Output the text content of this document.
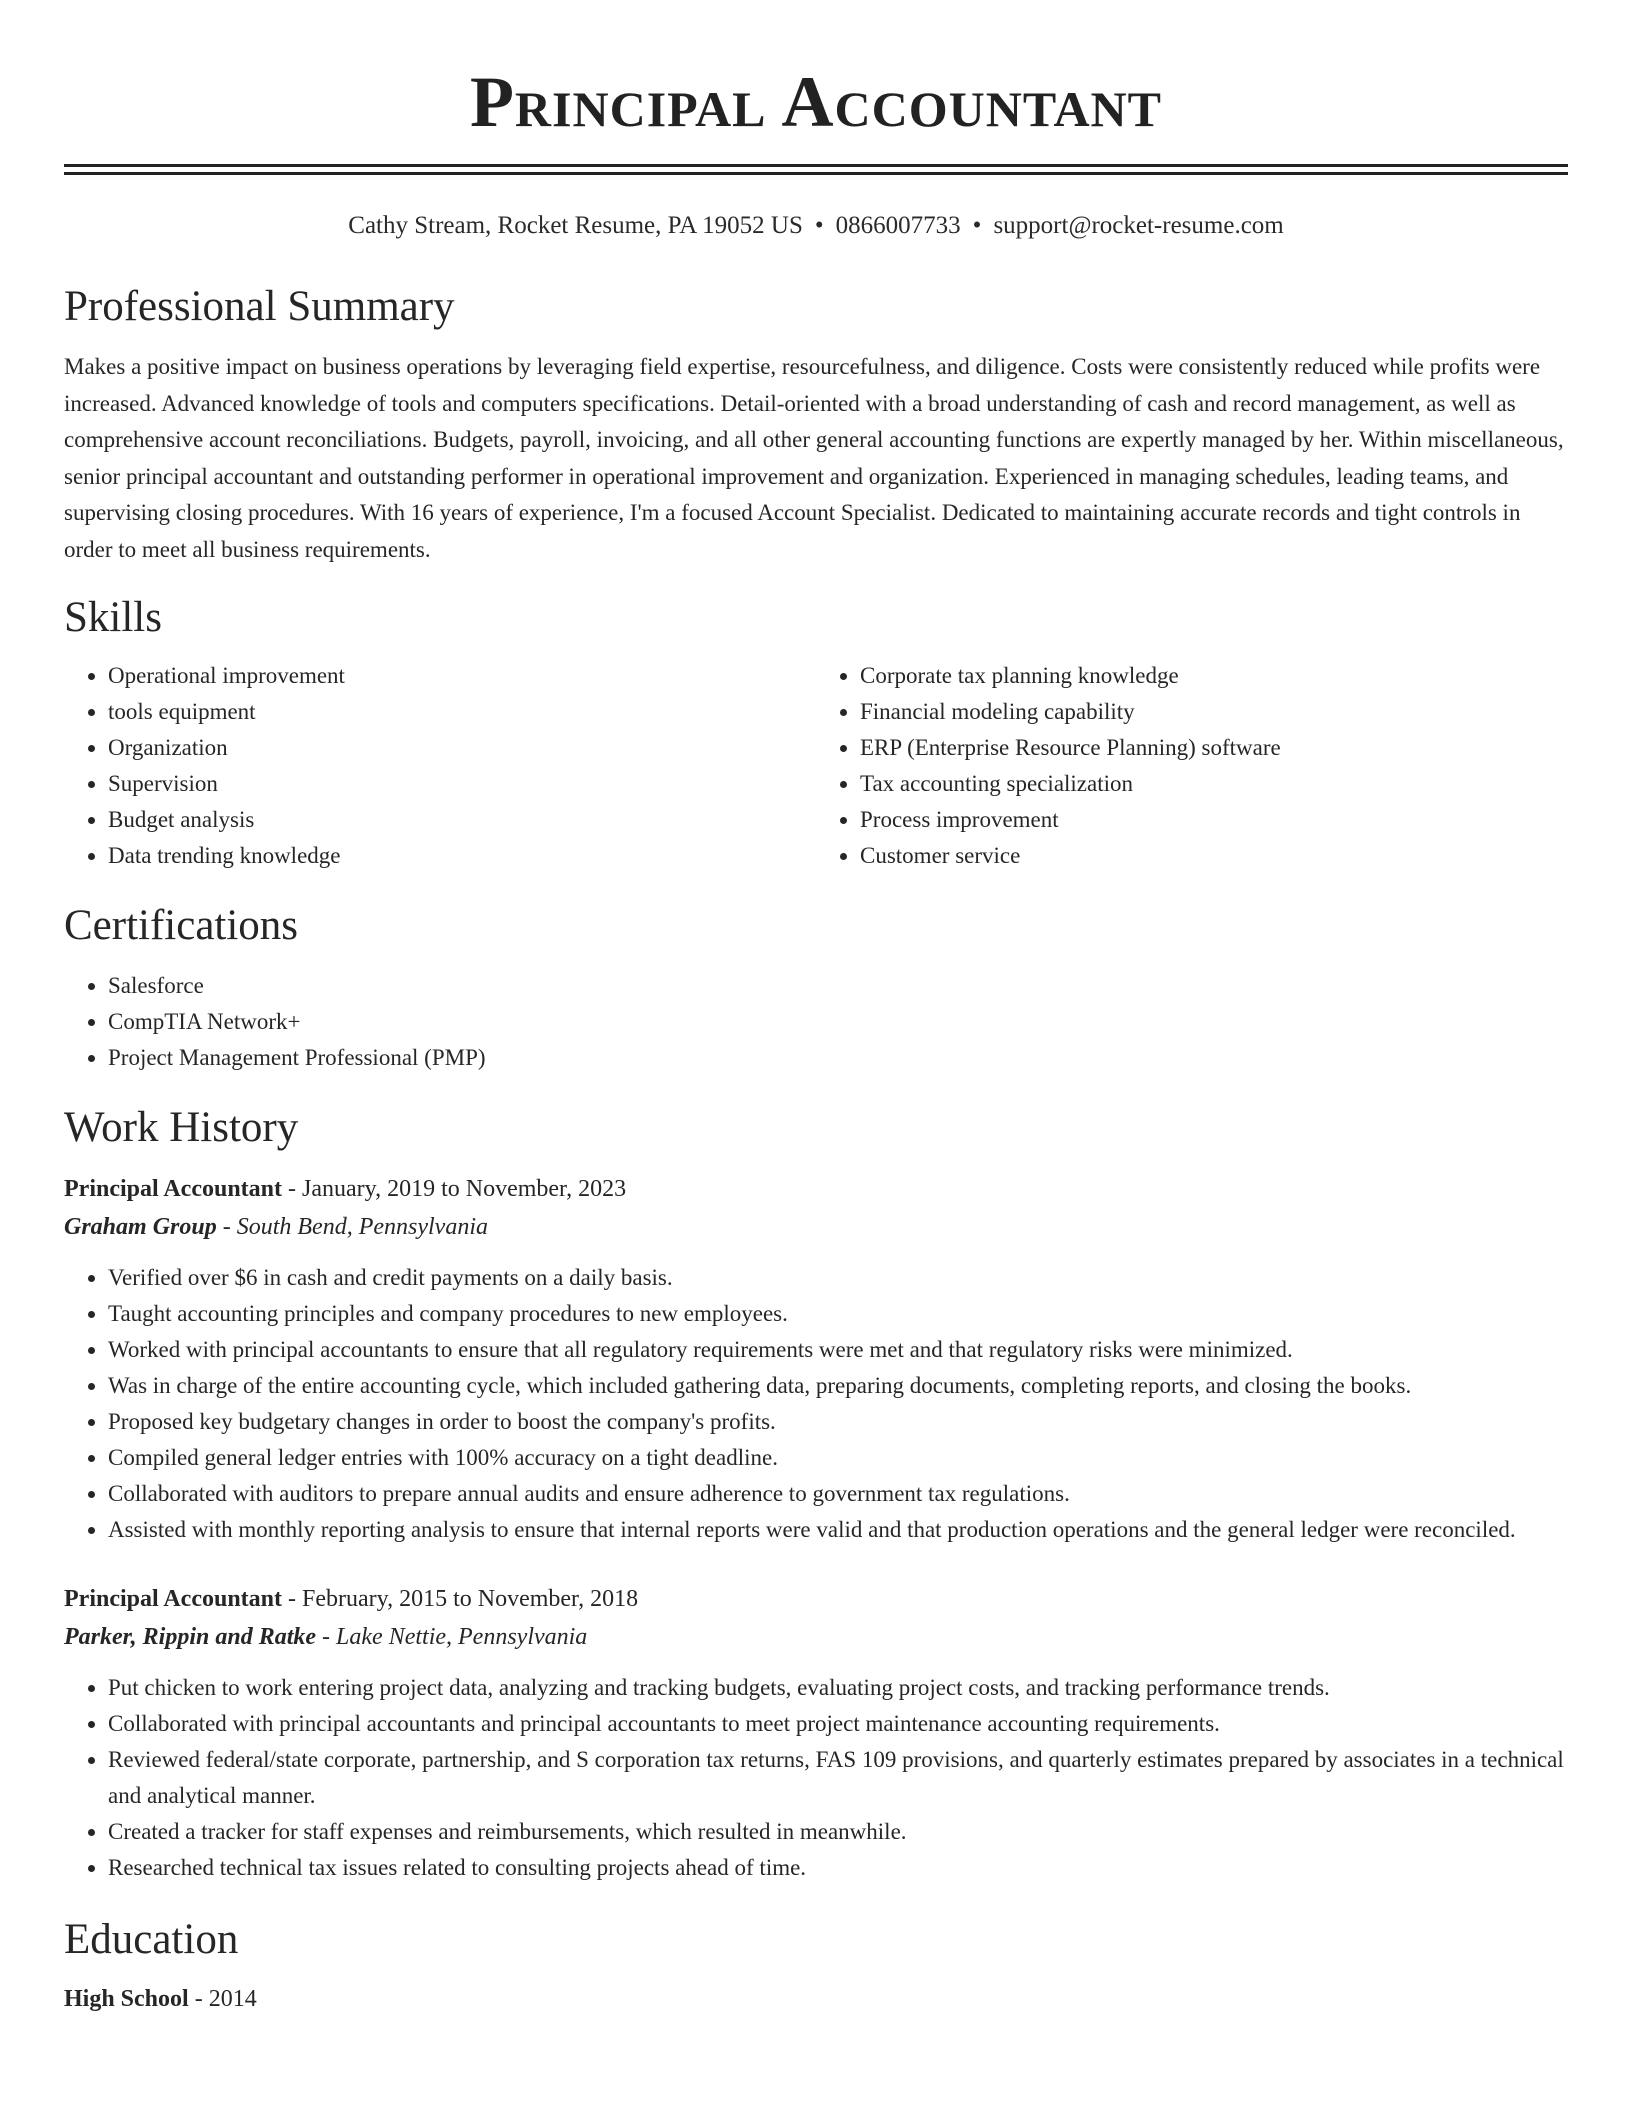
Principal Accountant
Cathy Stream, Rocket Resume, PA 19052 US • 0866007733 • support@rocket-resume.com
Professional Summary
Makes a positive impact on business operations by leveraging field expertise, resourcefulness, and diligence. Costs were consistently reduced while profits were increased. Advanced knowledge of tools and computers specifications. Detail-oriented with a broad understanding of cash and record management, as well as comprehensive account reconciliations. Budgets, payroll, invoicing, and all other general accounting functions are expertly managed by her. Within miscellaneous, senior principal accountant and outstanding performer in operational improvement and organization. Experienced in managing schedules, leading teams, and supervising closing procedures. With 16 years of experience, I'm a focused Account Specialist. Dedicated to maintaining accurate records and tight controls in order to meet all business requirements.
Skills
• Operational improvement
• tools equipment
• Organization
• Supervision
• Budget analysis
• Data trending knowledge
• Corporate tax planning knowledge
• Financial modeling capability
• ERP (Enterprise Resource Planning) software
• Tax accounting specialization
• Process improvement
• Customer service
Certifications
• Salesforce
• CompTIA Network+
• Project Management Professional (PMP)
Work History
Principal Accountant - January, 2019 to November, 2023
Graham Group - South Bend, Pennsylvania
• Verified over $6 in cash and credit payments on a daily basis.
• Taught accounting principles and company procedures to new employees.
• Worked with principal accountants to ensure that all regulatory requirements were met and that regulatory risks were minimized.
• Was in charge of the entire accounting cycle, which included gathering data, preparing documents, completing reports, and closing the books.
• Proposed key budgetary changes in order to boost the company's profits.
• Compiled general ledger entries with 100% accuracy on a tight deadline.
• Collaborated with auditors to prepare annual audits and ensure adherence to government tax regulations.
• Assisted with monthly reporting analysis to ensure that internal reports were valid and that production operations and the general ledger were reconciled.
Principal Accountant - February, 2015 to November, 2018
Parker, Rippin and Ratke - Lake Nettie, Pennsylvania
• Put chicken to work entering project data, analyzing and tracking budgets, evaluating project costs, and tracking performance trends.
• Collaborated with principal accountants and principal accountants to meet project maintenance accounting requirements.
• Reviewed federal/state corporate, partnership, and S corporation tax returns, FAS 109 provisions, and quarterly estimates prepared by associates in a technical and analytical manner.
• Created a tracker for staff expenses and reimbursements, which resulted in meanwhile.
• Researched technical tax issues related to consulting projects ahead of time.
Education
High School - 2014
